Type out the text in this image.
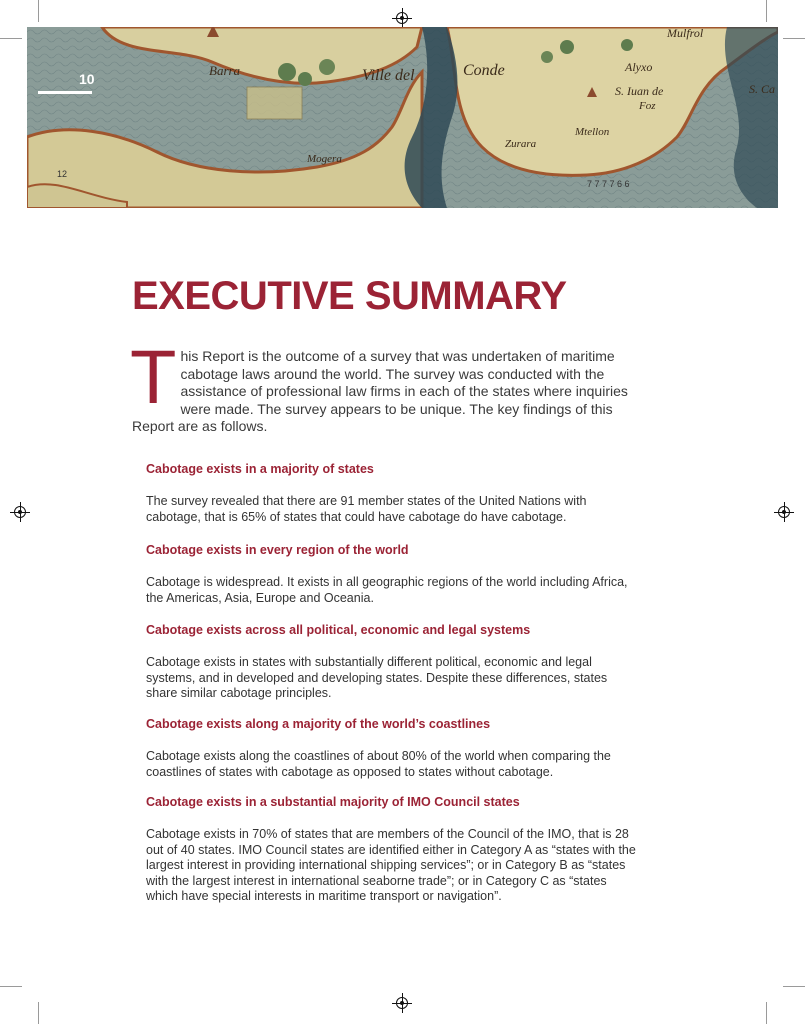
Barra	Ville del	Conde
Mulfrol
Alyxo
S. Iuan de
Foz
Mtellon
Zurara
Mogera
S. Ca
7 7 7 7 6 6
12
10
EXECUTIVE SUMMARY

T his Report is the outcome of a survey that was undertaken of maritime cabotage laws around the world. The survey was conducted with the assistance of professional law firms in each of the states where inquiries were made. The survey appears to be unique. The key findings of this Report are as follows.

Cabotage exists in a majority of states

The survey revealed that there are 91 member states of the United Nations with cabotage, that is 65% of states that could have cabotage do have cabotage.

Cabotage exists in every region of the world

Cabotage is widespread. It exists in all geographic regions of the world including Africa, the Americas, Asia, Europe and Oceania.

Cabotage exists across all political, economic and legal systems

Cabotage exists in states with substantially different political, economic and legal systems, and in developed and developing states. Despite these differences, states share similar cabotage principles.

Cabotage exists along a majority of the world’s coastlines

Cabotage exists along the coastlines of about 80% of the world when comparing the coastlines of states with cabotage as opposed to states without cabotage.

Cabotage exists in a substantial majority of IMO Council states

Cabotage exists in 70% of states that are members of the Council of the IMO, that is 28 out of 40 states. IMO Council states are identified either in Category A as “states with the largest interest in providing international shipping services”; or in Category B as “states with the largest interest in international seaborne trade”; or in Category C as “states which have special interests in maritime transport or navigation”.
